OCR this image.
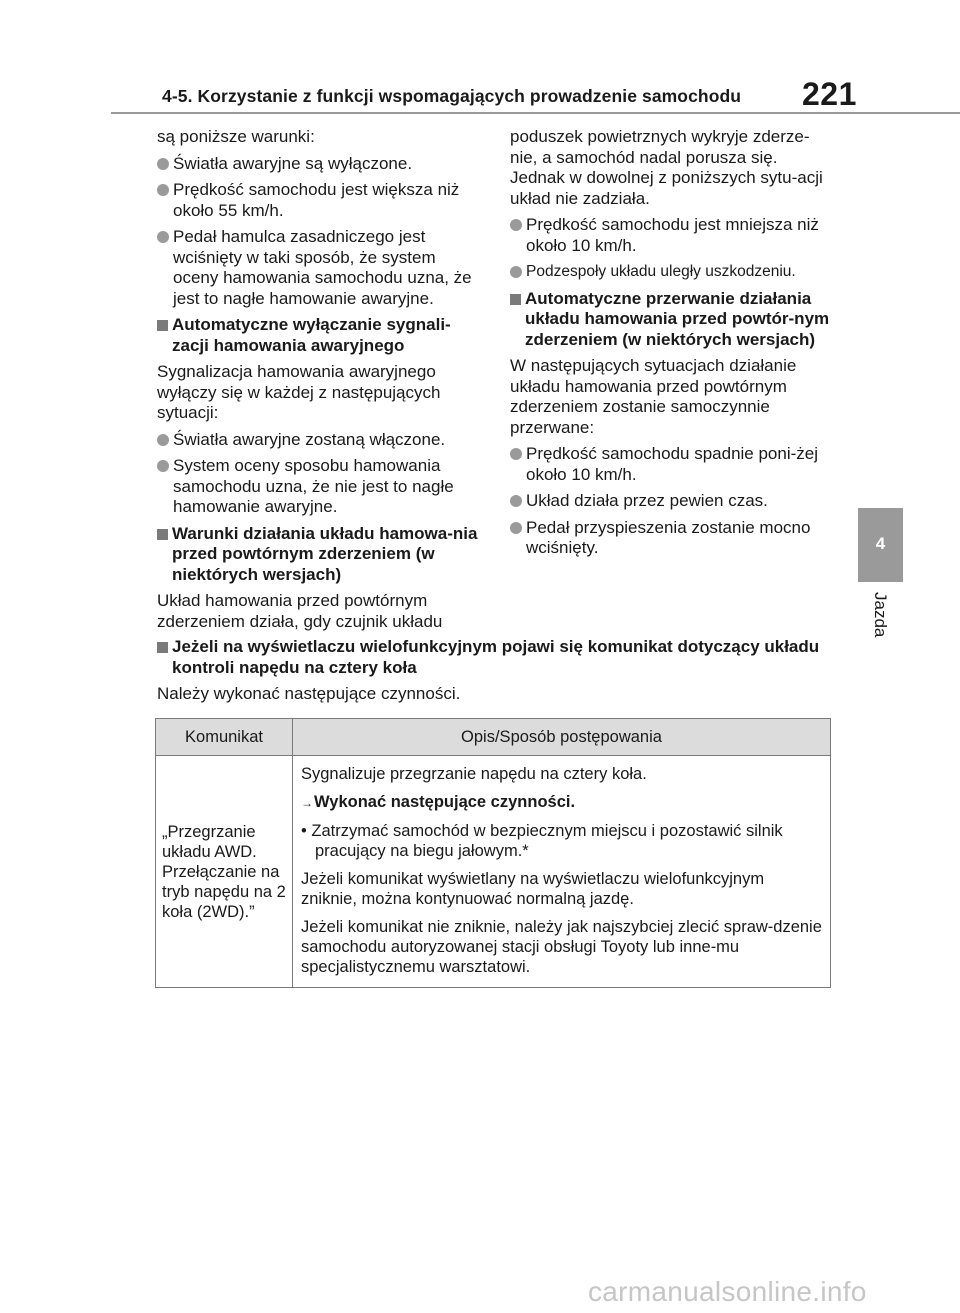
4-5. Korzystanie z funkcji wspomagających prowadzenie samochodu 221
4
Jazda
są poniższe warunki:
Światła awaryjne są wyłączone.
Prędkość samochodu jest większa niż około 55 km/h.
Pedał hamulca zasadniczego jest wciśnięty w taki sposób, że system oceny hamowania samochodu uzna, że jest to nagłe hamowanie awaryjne.
Automatyczne wyłączanie sygnali-zacji hamowania awaryjnego
Sygnalizacja hamowania awaryjnego wyłączy się w każdej z następujących sytuacji:
Światła awaryjne zostaną włączone.
System oceny sposobu hamowania samochodu uzna, że nie jest to nagłe hamowanie awaryjne.
Warunki działania układu hamowa-nia przed powtórnym zderzeniem (w niektórych wersjach)
Układ hamowania przed powtórnym zderzeniem działa, gdy czujnik układu
poduszek powietrznych wykryje zderze-nie, a samochód nadal porusza się. Jednak w dowolnej z poniższych sytu-acji układ nie zadziała.
Prędkość samochodu jest mniejsza niż około 10 km/h.
Podzespoły układu uległy uszkodzeniu.
Automatyczne przerwanie działania układu hamowania przed powtór-nym zderzeniem (w niektórych wersjach)
W następujących sytuacjach działanie układu hamowania przed powtórnym zderzeniem zostanie samoczynnie przerwane:
Prędkość samochodu spadnie poni-żej około 10 km/h.
Układ działa przez pewien czas.
Pedał przyspieszenia zostanie mocno wciśnięty.
Jeżeli na wyświetlaczu wielofunkcyjnym pojawi się komunikat dotyczący układu kontroli napędu na cztery koła
Należy wykonać następujące czynności.
Komunikat	Opis/Sposób postępowania
„Przegrzanie układu AWD. Przełączanie na tryb napędu na 2 koła (2WD).”	Sygnalizuje przegrzanie napędu na cztery koła.
→Wykonać następujące czynności.
• Zatrzymać samochód w bezpiecznym miejscu i pozostawić silnik pracujący na biegu jałowym.*
Jeżeli komunikat wyświetlany na wyświetlaczu wielofunkcyjnym zniknie, można kontynuować normalną jazdę.
Jeżeli komunikat nie zniknie, należy jak najszybciej zlecić spraw-dzenie samochodu autoryzowanej stacji obsługi Toyoty lub inne-mu specjalistycznemu warsztatowi.
carmanualsonline.info
